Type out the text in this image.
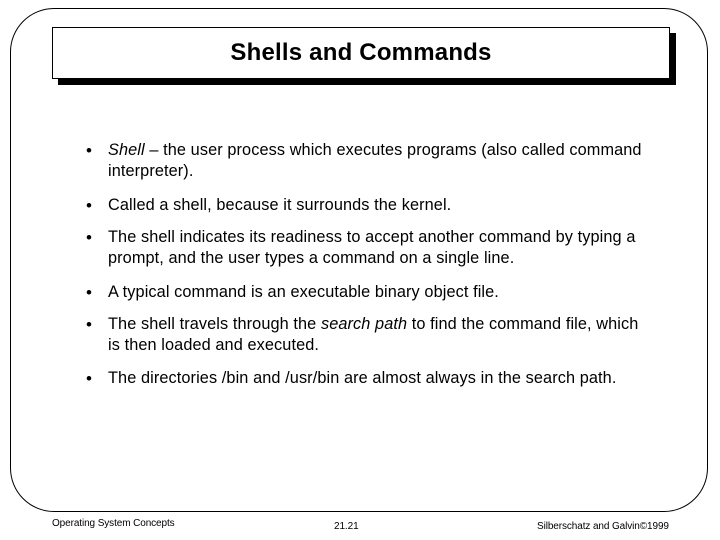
Shells and Commands
• Shell – the user process which executes programs (also called command interpreter).
• Called a shell, because it surrounds the kernel.
• The shell indicates its readiness to accept another command by typing a prompt, and the user types a command on a single line.
• A typical command is an executable binary object file.
• The shell travels through the search path to find the command file, which is then loaded and executed.
• The directories /bin and /usr/bin are almost always in the search path.
Operating System Concepts	21.21	Silberschatz and Galvin©1999
